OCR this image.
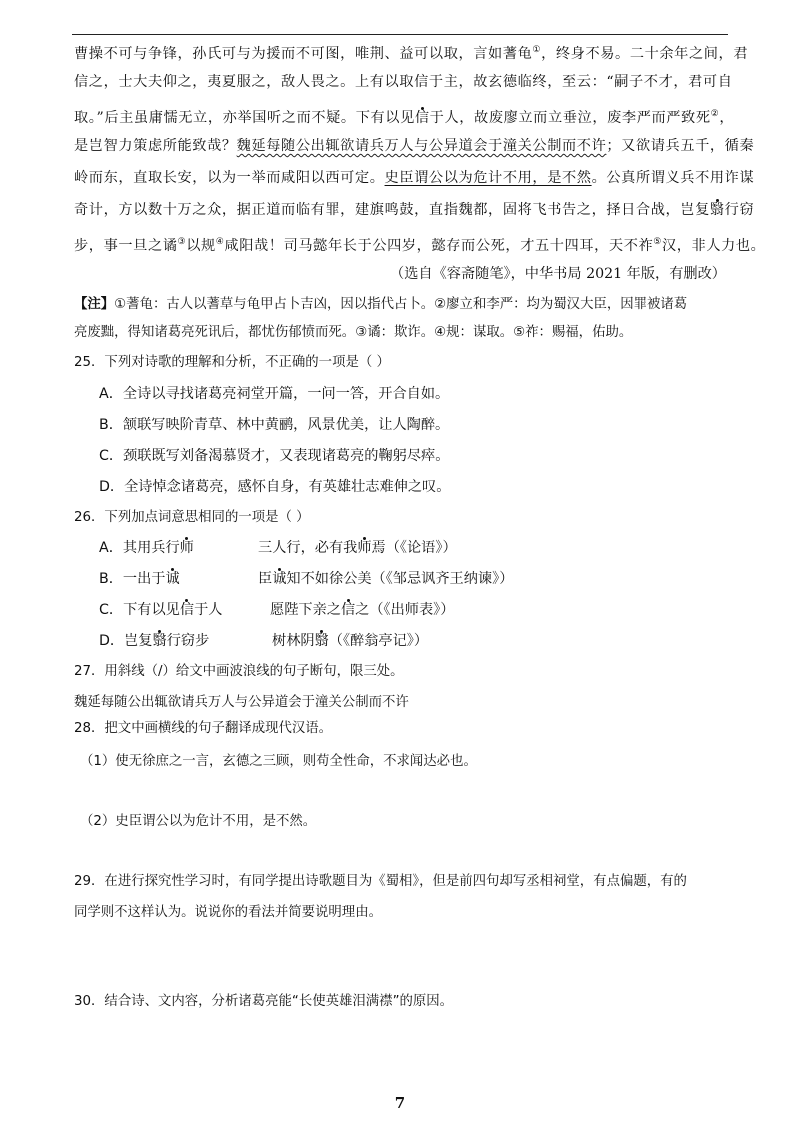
曹操不可与争锋，孙氏可与为援而不可图，唯荆、益可以取，言如蓍龟①，终身不易。二十余年之间，君
信之，士大夫仰之，夷夏服之，敌人畏之。上有以取信于主，故玄德临终，至云：“嗣子不才，君可自
取。”后主虽庸懦无立，亦举国听之而不疑。下有以见信于人，故废廖立而立垂泣，废李严而严致死②，
是岂智力策虑所能致哉？魏延每随公出辄欲请兵万人与公异道会于潼关公制而不许；又欲请兵五千，循秦
岭而东，直取长安，以为一举而咸阳以西可定。史臣谓公以为危计不用，是不然。公真所谓义兵不用诈谋
奇计，方以数十万之众，据正道而临有罪，建旗鸣鼓，直指魏都，固将飞书告之，择日合战，岂复翳行窃
步，事一旦之谲③以规④咸阳哉！司马懿年长于公四岁，懿存而公死，才五十四耳，天不祚⑤汉，非人力也。
（选自《容斋随笔》，中华书局 2021 年版，有删改）
【注】①蓍龟：古人以蓍草与龟甲占卜吉凶，因以指代占卜。②廖立和李严：均为蜀汉大臣，因罪被诸葛
亮废黜，得知诸葛亮死讯后，都忧伤郁愤而死。③谲：欺诈。④规：谋取。⑤祚：赐福，佑助。
25．下列对诗歌的理解和分析，不正确的一项是（ ）
A．全诗以寻找诸葛亮祠堂开篇，一问一答，开合自如。
B．颔联写映阶青草、林中黄鹂，风景优美，让人陶醉。
C．颈联既写刘备渴慕贤才，又表现诸葛亮的鞠躬尽瘁。
D．全诗悼念诸葛亮，感怀自身，有英雄壮志难伸之叹。
26．下列加点词意思相同的一项是（ ）
A．其用兵行师	三人行，必有我师焉（《论语》）
B．一出于诚	臣诚知不如徐公美（《邹忌讽齐王纳谏》）
C．下有以见信于人	愿陛下亲之信之（《出师表》）
D．岂复翳行窃步	树林阴翳（《醉翁亭记》）
27．用斜线（/）给文中画波浪线的句子断句，限三处。
魏延每随公出辄欲请兵万人与公异道会于潼关公制而不许
28．把文中画横线的句子翻译成现代汉语。
（1）使无徐庶之一言，玄德之三顾，则苟全性命，不求闻达必也。
（2）史臣谓公以为危计不用，是不然。
29．在进行探究性学习时，有同学提出诗歌题目为《蜀相》，但是前四句却写丞相祠堂，有点偏题，有的
同学则不这样认为。说说你的看法并简要说明理由。
30．结合诗、文内容，分析诸葛亮能“长使英雄泪满襟”的原因。
7
